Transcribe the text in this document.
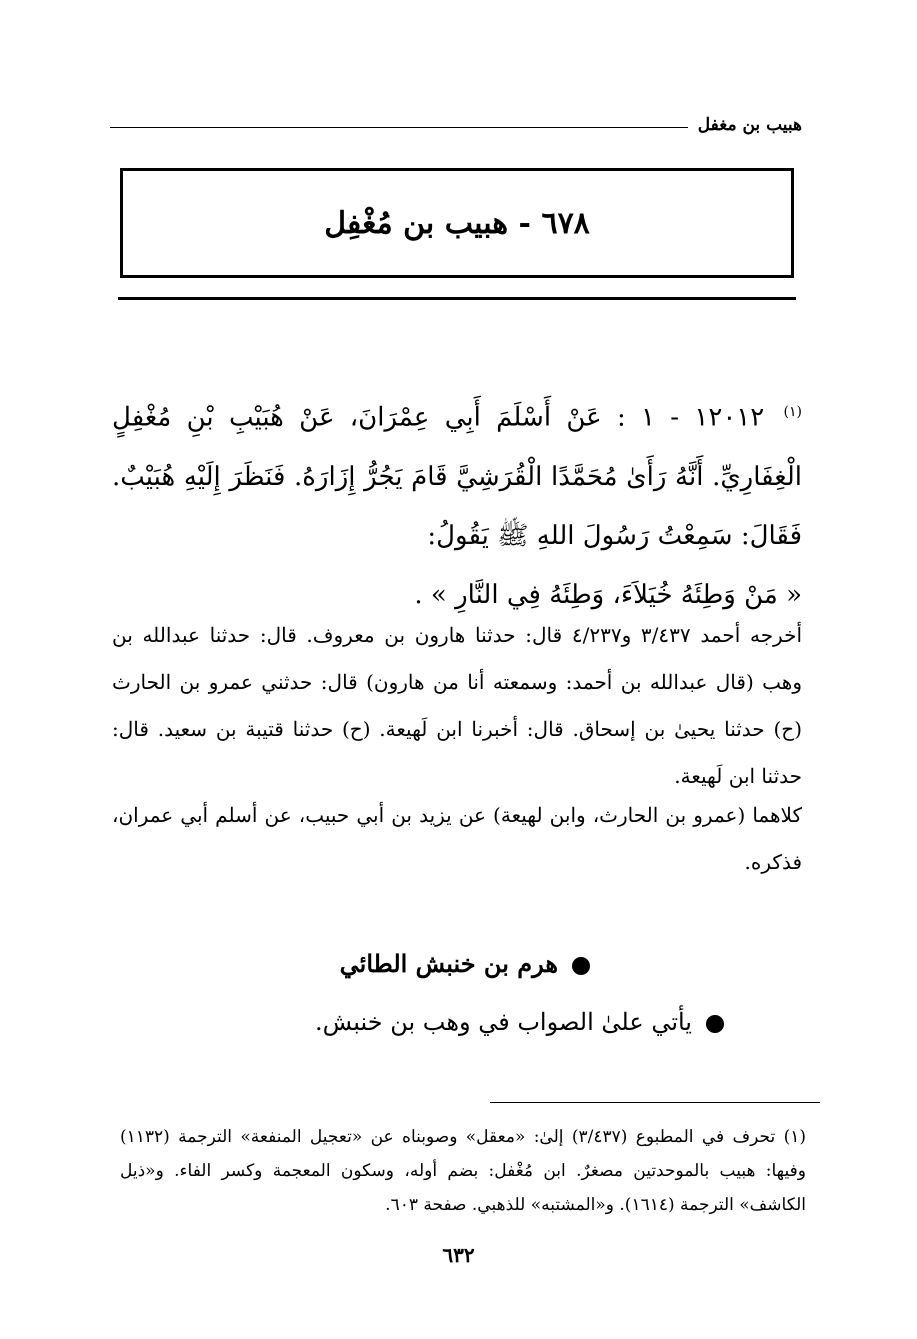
هبيب بن مغفل
٦٧٨ - هبيب بن مُغْفِل

$^{(١)}$ ١٢٠١٢ - ١ : عَنْ أَسْلَمَ أَبِي عِمْرَانَ، عَنْ هُبَيْبِ بْنِ مُغْفِلٍ الْغِفَارِيِّ. أَنَّهُ رَأَىٰ مُحَمَّدًا الْقُرَشِيَّ قَامَ يَجُرُّ إِزَارَهُ. فَنَظَرَ إِلَيْهِ هُبَيْبٌ. فَقَالَ: سَمِعْتُ رَسُولَ اللهِ ﷺ يَقُولُ:
« مَنْ وَطِئَهُ خُيَلاَءَ، وَطِئَهُ فِي النَّارِ » .

أخرجه أحمد ٣/٤٣٧ و٤/٢٣٧ قال: حدثنا هارون بن معروف. قال: حدثنا عبدالله بن وهب (قال عبدالله بن أحمد: وسمعته أنا من هارون) قال: حدثني عمرو بن الحارث (ح) حدثنا يحيىٰ بن إسحاق. قال: أخبرنا ابن لَهيعة. (ح) حدثنا قتيبة بن سعيد. قال: حدثنا ابن لَهيعة.

كلاهما (عمرو بن الحارث، وابن لهيعة) عن يزيد بن أبي حبيب، عن أسلم أبي عمران، فذكره.

هرم بن خنبش الطائي
يأتي علىٰ الصواب في وهب بن خنبش.

(١) تحرف في المطبوع (٣/٤٣٧) إلىٰ: «معقل» وصوبناه عن «تعجيل المنفعة» الترجمة (١١٣٢) وفيها: هبيب بالموحدتين مصغرٌ. ابن مُغْفل: بضم أوله، وسكون المعجمة وكسر الفاء. و«ذيل الكاشف» الترجمة (١٦١٤). و«المشتبه» للذهبي. صفحة ٦٠٣.

٦٣٢
